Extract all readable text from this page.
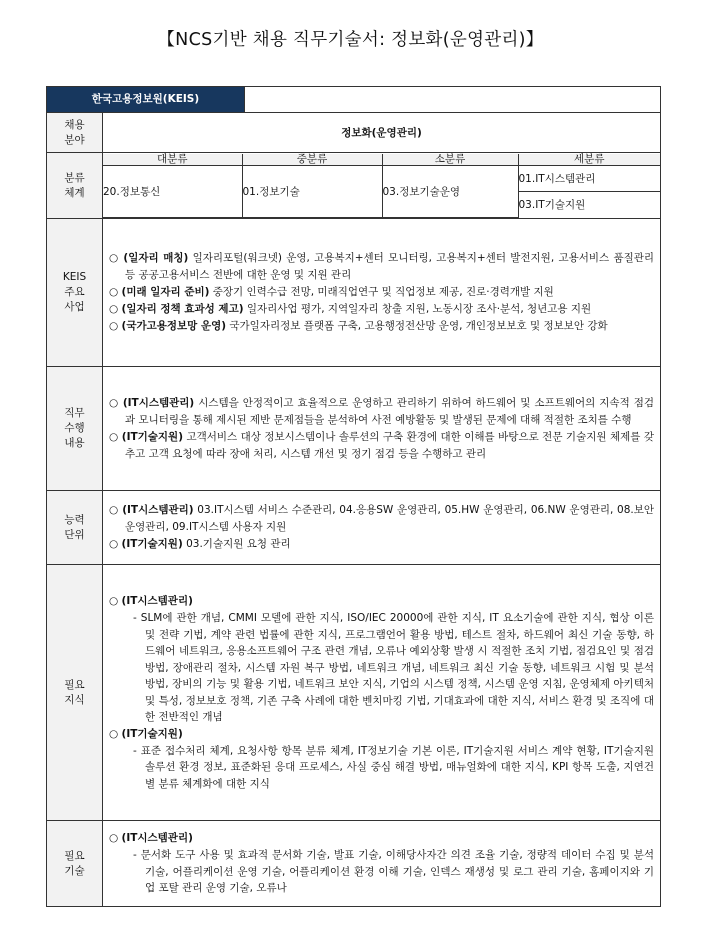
【NCS기반 채용 직무기술서: 정보화(운영관리)】
한국고용정보원(KEIS)

채용
분야
	정보화(운영관리)

분류
체계

대분류	중분류	소분류	세분류
20.정보통신	01.정보기술	03.정보기술운영	01.IT시스템관리
03.IT기술지원

KEIS
주요
사업

○ (일자리 매칭) 일자리포털(워크넷) 운영, 고용복지+센터 모니터링, 고용복지+센터 발전지원, 고용서비스 품질관리 등 공공고용서비스 전반에 대한 운영 및 지원 관리
○ (미래 일자리 준비) 중장기 인력수급 전망, 미래직업연구 및 직업정보 제공, 진로·경력개발 지원
○ (일자리 정책 효과성 제고) 일자리사업 평가, 지역일자리 창출 지원, 노동시장 조사·분석, 청년고용 지원
○ (국가고용정보망 운영) 국가일자리정보 플랫폼 구축, 고용행정전산망 운영, 개인정보보호 및 정보보안 강화

직무
수행
내용

○ (IT시스템관리) 시스템을 안정적이고 효율적으로 운영하고 관리하기 위하여 하드웨어 및 소프트웨어의 지속적 점검과 모니터링을 통해 제시된 제반 문제점들을 분석하여 사전 예방활동 및 발생된 문제에 대해 적절한 조치를 수행
○ (IT기술지원) 고객서비스 대상 정보시스템이나 솔루션의 구축 환경에 대한 이해를 바탕으로 전문 기술지원 체제를 갖추고 고객 요청에 따라 장애 처리, 시스템 개선 및 정기 점검 등을 수행하고 관리

능력
단위

○ (IT시스템관리) 03.IT시스템 서비스 수준관리, 04.응용SW 운영관리, 05.HW 운영관리, 06.NW 운영관리, 08.보안 운영관리, 09.IT시스템 사용자 지원
○ (IT기술지원) 03.기술지원 요청 관리

필요
지식

○ (IT시스템관리)
- SLM에 관한 개념, CMMI 모델에 관한 지식, ISO/IEC 20000에 관한 지식, IT 요소기술에 관한 지식, 협상 이론 및 전략 기법, 계약 관련 법률에 관한 지식, 프로그램언어 활용 방법, 테스트 절차, 하드웨어 최신 기술 동향, 하드웨어 네트워크, 응용소프트웨어 구조 관련 개념, 오류나 예외상황 발생 시 적절한 조치 기법, 점검요인 및 점검 방법, 장애관리 절차, 시스템 자원 복구 방법, 네트워크 개념, 네트워크 최신 기술 동향, 네트워크 시험 및 분석 방법, 장비의 기능 및 활용 기법, 네트워크 보안 지식, 기업의 시스템 정책, 시스템 운영 지침, 운영체제 아키텍처 및 특성, 정보보호 정책, 기존 구축 사례에 대한 벤치마킹 기법, 기대효과에 대한 지식, 서비스 환경 및 조직에 대한 전반적인 개념
○ (IT기술지원)
- 표준 접수처리 체계, 요청사항 항목 분류 체계, IT정보기술 기본 이론, IT기술지원 서비스 계약 현황, IT기술지원 솔루션 환경 정보, 표준화된 응대 프로세스, 사실 중심 해결 방법, 매뉴얼화에 대한 지식, KPI 항목 도출, 지연건별 분류 체계화에 대한 지식

필요
기술

○ (IT시스템관리)
- 문서화 도구 사용 및 효과적 문서화 기술, 발표 기술, 이해당사자간 의견 조율 기술, 정량적 데이터 수집 및 분석 기술, 어플리케이션 운영 기술, 어플리케이션 환경 이해 기술, 인덱스 재생성 및 로그 관리 기술, 홈페이지와 기업 포탈 관리 운영 기술, 오류나
